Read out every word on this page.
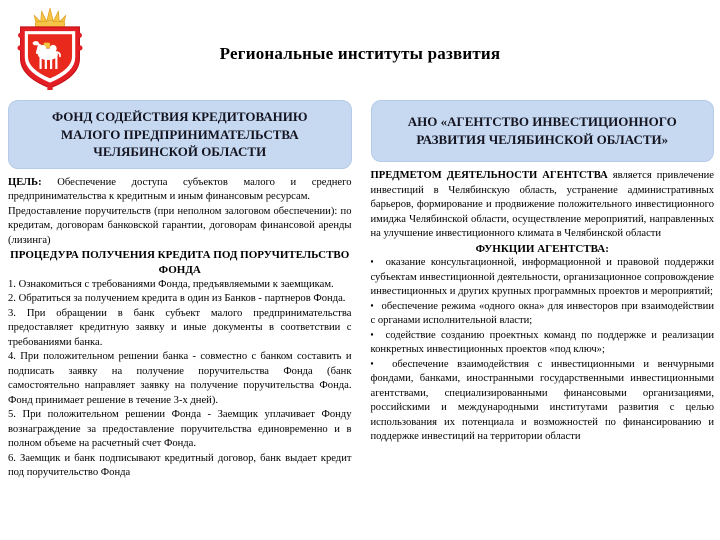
Региональные институты развития
ФОНД СОДЕЙСТВИЯ КРЕДИТОВАНИЮ МАЛОГО ПРЕДПРИНИМАТЕЛЬСТВА ЧЕЛЯБИНСКОЙ ОБЛАСТИ

ЦЕЛЬ: Обеспечение доступа субъектов малого и среднего предпринимательства к кредитным и иным финансовым ресурсам.

Предоставление поручительств (при неполном залоговом обеспечении): по кредитам, договорам банковской гарантии, договорам финансовой аренды (лизинга)

ПРОЦЕДУРА ПОЛУЧЕНИЯ КРЕДИТА ПОД ПОРУЧИТЕЛЬСТВО ФОНДА

1. Ознакомиться с требованиями Фонда, предъявляемыми к заемщикам.

2. Обратиться за получением кредита в один из Банков - партнеров Фонда.

3. При обращении в банк субъект малого предпринимательства предоставляет кредитную заявку и иные документы в соответствии с требованиями банка.

4. При положительном решении банка - совместно с банком составить и подписать заявку на получение поручительства Фонда (банк самостоятельно направляет заявку на получение поручительства Фонда. Фонд принимает решение в течение 3-х дней).

5. При положительном решении Фонда - Заемщик уплачивает Фонду вознаграждение за предоставление поручительства единовременно и в полном объеме на расчетный счет Фонда.

6. Заемщик и банк подписывают кредитный договор, банк выдает кредит под поручительство Фонда

АНО «АГЕНТСТВО ИНВЕСТИЦИОННОГО РАЗВИТИЯ ЧЕЛЯБИНСКОЙ ОБЛАСТИ»

ПРЕДМЕТОМ ДЕЯТЕЛЬНОСТИ АГЕНТСТВА является привлечение инвестиций в Челябинскую область, устранение административных барьеров, формирование и продвижение положительного инвестиционного имиджа Челябинской области, осуществление мероприятий, направленных на улучшение инвестиционного климата в Челябинской области

ФУНКЦИИ АГЕНТСТВА:

▪ оказание консультационной, информационной и правовой поддержки субъектам инвестиционной деятельности, организационное сопровождение инвестиционных и других крупных программных проектов и мероприятий;

▪ обеспечение режима «одного окна» для инвесторов при взаимодействии с органами исполнительной власти;

▪ содействие созданию проектных команд по поддержке и реализации конкретных инвестиционных проектов «под ключ»;

▪ обеспечение взаимодействия с инвестиционными и венчурными фондами, банками, иностранными государственными инвестиционными агентствами, специализированными финансовыми организациями, российскими и международными институтами развития с целью использования их потенциала и возможностей по финансированию и поддержке инвестиций на территории области
